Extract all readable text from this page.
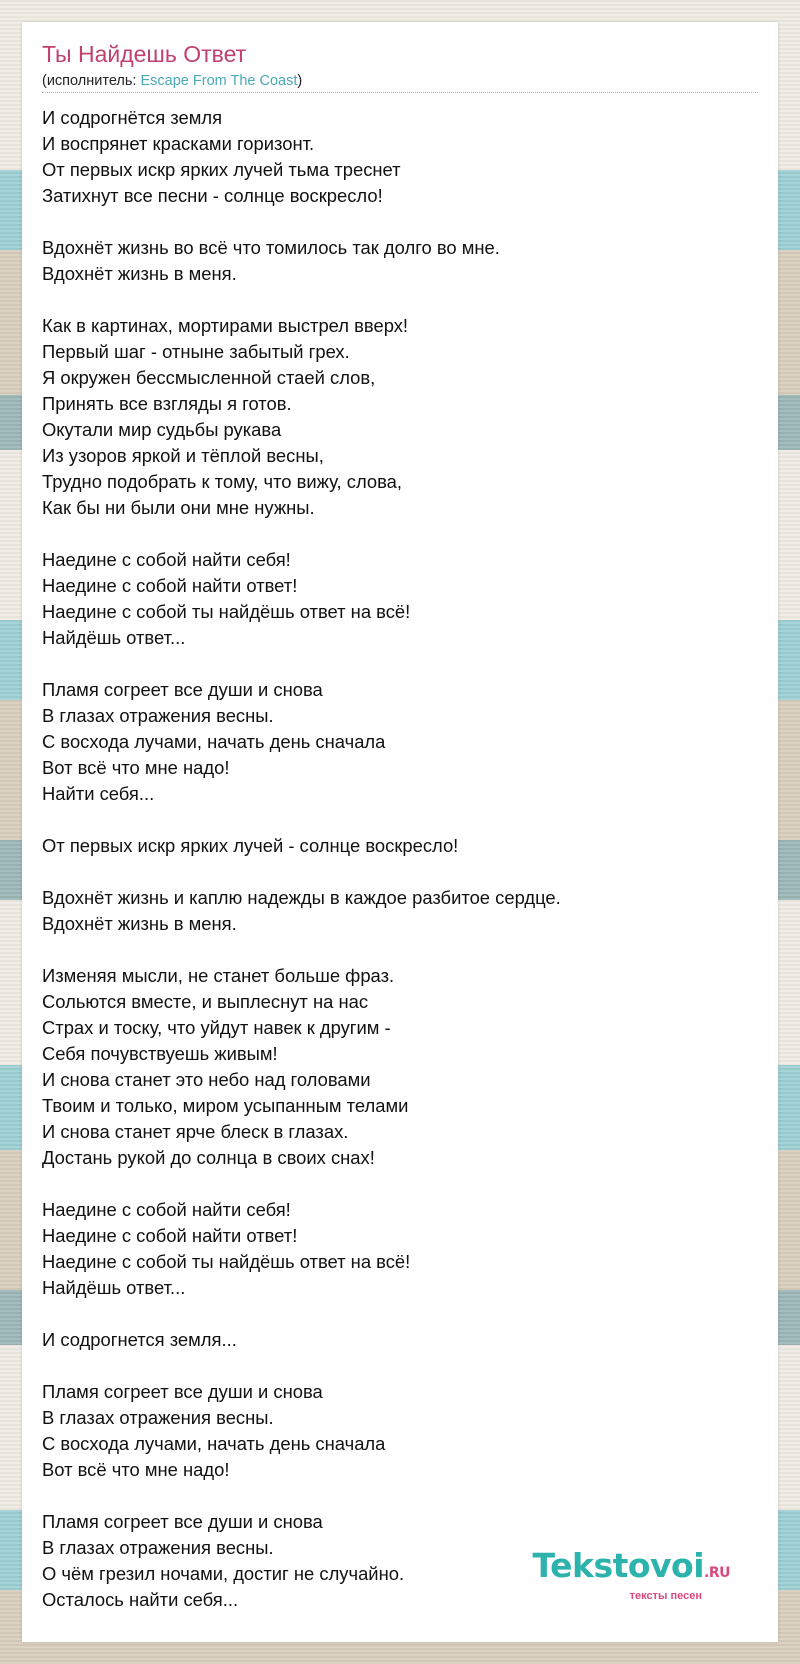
Ты Найдешь Ответ
(исполнитель: Escape From The Coast)
И содрогнётся земля
И воспрянет красками горизонт.
От первых искр ярких лучей тьма треснет
Затихнут все песни - солнце воскресло!
Вдохнёт жизнь во всё что томилось так долго во мне.
Вдохнёт жизнь в меня.
Как в картинах, мортирами выстрел вверх!
Первый шаг - отныне забытый грех.
Я окружен бессмысленной стаей слов,
Принять все взгляды я готов.
Окутали мир судьбы рукава
Из узоров яркой и тёплой весны,
Трудно подобрать к тому, что вижу, слова,
Как бы ни были они мне нужны.
Наедине с собой найти себя!
Наедине с собой найти ответ!
Наедине с собой ты найдёшь ответ на всё!
Найдёшь ответ...
Пламя согреет все души и снова
В глазах отражения весны.
С восхода лучами, начать день сначала
Вот всё что мне надо!
Найти себя...
От первых искр ярких лучей - солнце воскресло!
Вдохнёт жизнь и каплю надежды в каждое разбитое сердце.
Вдохнёт жизнь в меня.
Изменяя мысли, не станет больше фраз.
Сольются вместе, и выплеснут на нас
Страх и тоску, что уйдут навек к другим -
Себя почувствуешь живым!
И снова станет это небо над головами
Твоим и только, миром усыпанным телами
И снова станет ярче блеск в глазах.
Достань рукой до солнца в своих снах!
Наедине с собой найти себя!
Наедине с собой найти ответ!
Наедине с собой ты найдёшь ответ на всё!
Найдёшь ответ...
И содрогнется земля...
Пламя согреет все души и снова
В глазах отражения весны.
С восхода лучами, начать день сначала
Вот всё что мне надо!
Пламя согреет все души и снова
В глазах отражения весны.
О чём грезил ночами, достиг не случайно.
Осталось найти себя...
Tekstovoi.RU
тексты песен
